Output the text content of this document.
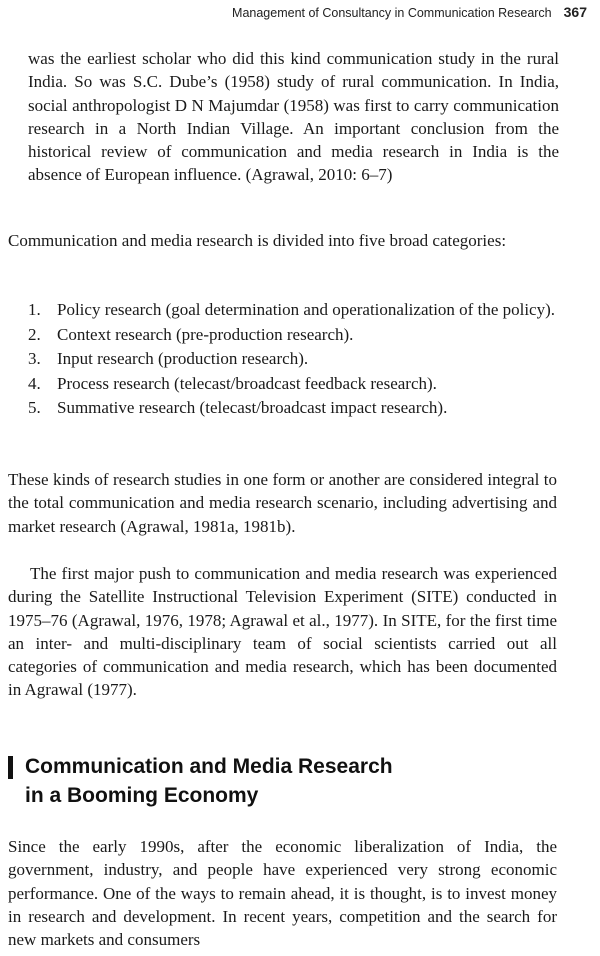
Management of Consultancy in Communication Research 367
was the earliest scholar who did this kind communication study in the rural India. So was S.C. Dube’s (1958) study of rural communication. In India, social anthropologist D N Majumdar (1958) was first to carry communication research in a North Indian Village. An important conclusion from the historical review of communication and media research in India is the absence of European influence. (Agrawal, 2010: 6–7)
Communication and media research is divided into five broad categories:
1. Policy research (goal determination and operationalization of the policy).
2. Context research (pre-production research).
3. Input research (production research).
4. Process research (telecast/broadcast feedback research).
5. Summative research (telecast/broadcast impact research).
These kinds of research studies in one form or another are considered integral to the total communication and media research scenario, including advertising and market research (Agrawal, 1981a, 1981b).
The first major push to communication and media research was experienced during the Satellite Instructional Television Experiment (SITE) conducted in 1975–76 (Agrawal, 1976, 1978; Agrawal et al., 1977). In SITE, for the first time an inter- and multi-disciplinary team of social scientists carried out all categories of communication and media research, which has been documented in Agrawal (1977).
Communication and Media Research
in a Booming Economy
Since the early 1990s, after the economic liberalization of India, the government, industry, and people have experienced very strong economic performance. One of the ways to remain ahead, it is thought, is to invest money in research and development. In recent years, competition and the search for new markets and consumers
